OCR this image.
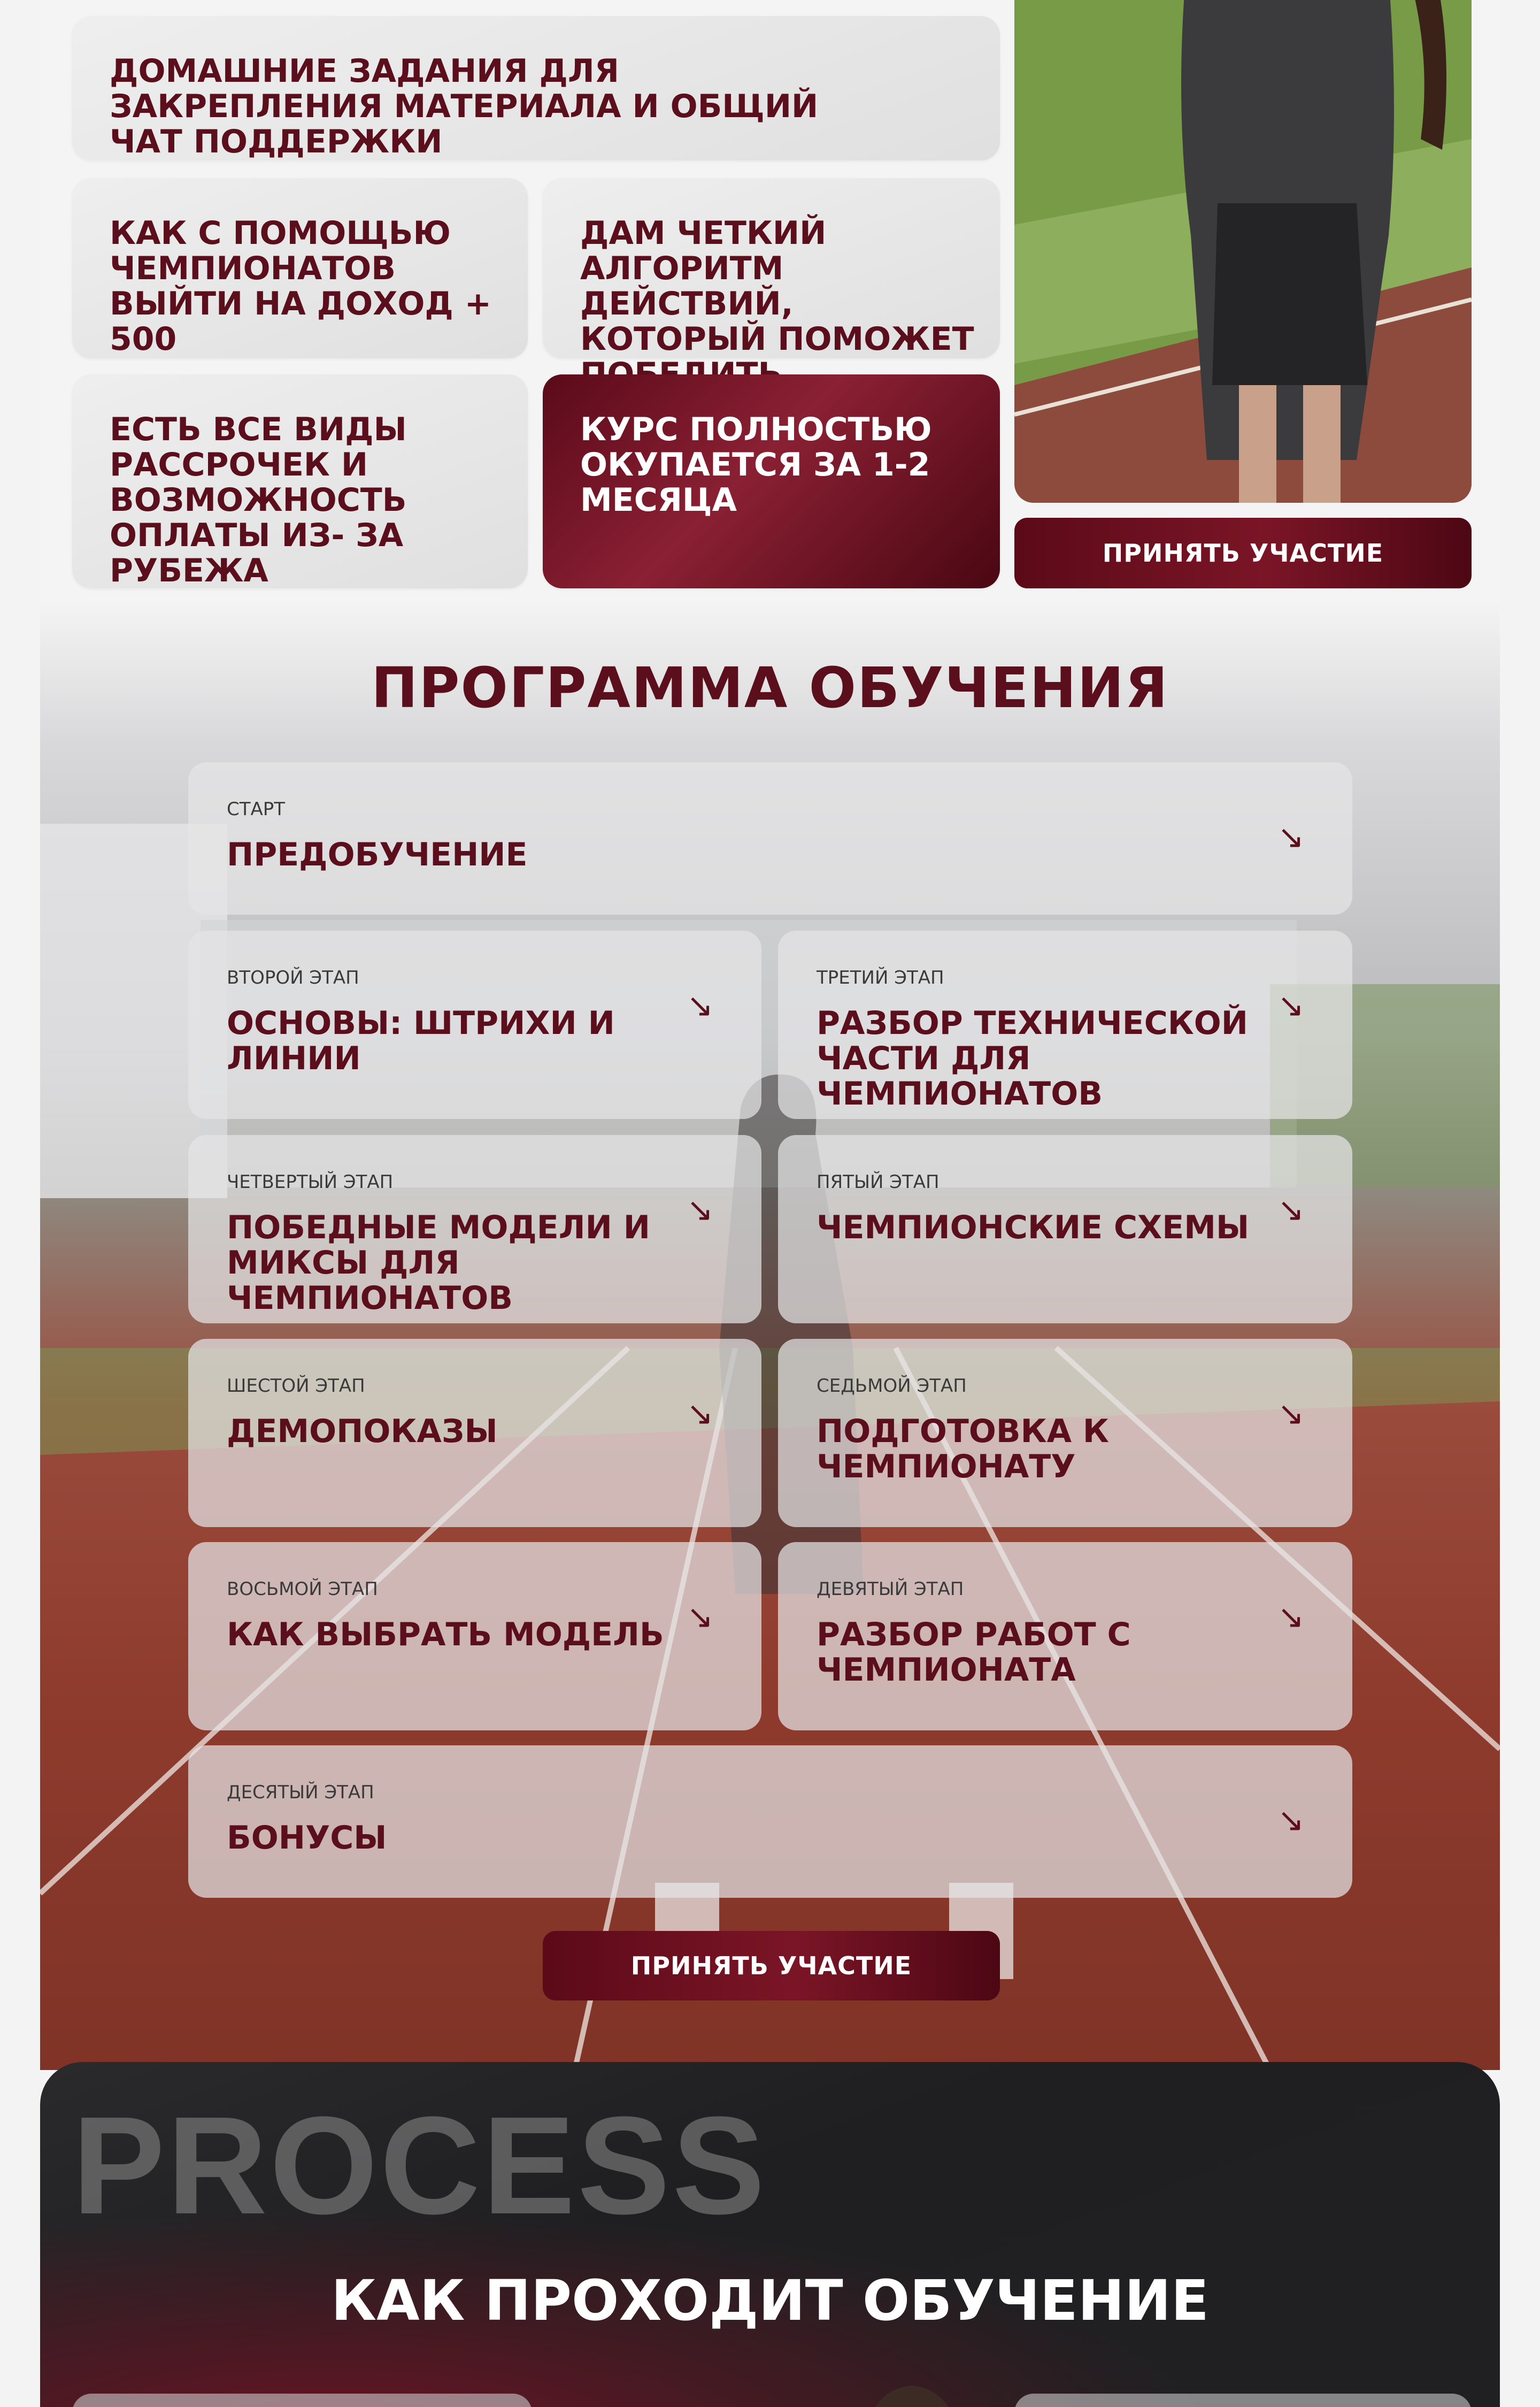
ДОМАШНИЕ ЗАДАНИЯ ДЛЯ ЗАКРЕПЛЕНИЯ МАТЕРИАЛА И ОБЩИЙ ЧАТ ПОДДЕРЖКИ
КАК С ПОМОЩЬЮ ЧЕМПИОНАТОВ ВЫЙТИ НА ДОХОД + 500
ДАМ ЧЕТКИЙ АЛГОРИТМ ДЕЙСТВИЙ, КОТОРЫЙ ПОМОЖЕТ
ЕСТЬ ВСЕ ВИДЫ РАССРОЧЕК И ВОЗМОЖНОСТЬ ОПЛАТЫ ИЗ- ЗА РУБЕЖА
КУРС ПОЛНОСТЬЮ ОКУПАЕТСЯ ЗА 1-2 МЕСЯЦА
ПРИНЯТЬ УЧАСТИЕ
ПРОГРАММА ОБУЧЕНИЯ
СТАРТ
ПРЕДОБУЧЕНИЕ	↘
ВТОРОЙ ЭТАП
ОСНОВЫ: ШТРИХИ И ЛИНИИ
↘
ТРЕТИЙ ЭТАП
РАЗБОР ТЕХНИЧЕСКОЙ ЧАСТИ ДЛЯ ЧЕМПИОНАТОВ
↘
ЧЕТВЕРТЫЙ ЭТАП
ПОБЕДНЫЕ МОДЕЛИ И МИКСЫ ДЛЯ ЧЕМПИОНАТОВ
↘
ПЯТЫЙ ЭТАП
ЧЕМПИОНСКИЕ СХЕМЫ ↘
ШЕСТОЙ ЭТАП
ДЕМОПОКАЗЫ	↘
СЕДЬМОЙ ЭТАП
ПОДГОТОВКА К ЧЕМПИОНАТУ
↘
ВОСЬМОЙ ЭТАП
КАК ВЫБРАТЬ МОДЕЛЬ ↘
ДЕВЯТЫЙ ЭТАП
РАЗБОР РАБОТ С ЧЕМПИОНАТА
↘
ДЕСЯТЫЙ ЭТАП
БОНУСЫ	↘
ПРИНЯТЬ УЧАСТИЕ
PROCESS
КАК ПРОХОДИТ ОБУЧЕНИЕ
